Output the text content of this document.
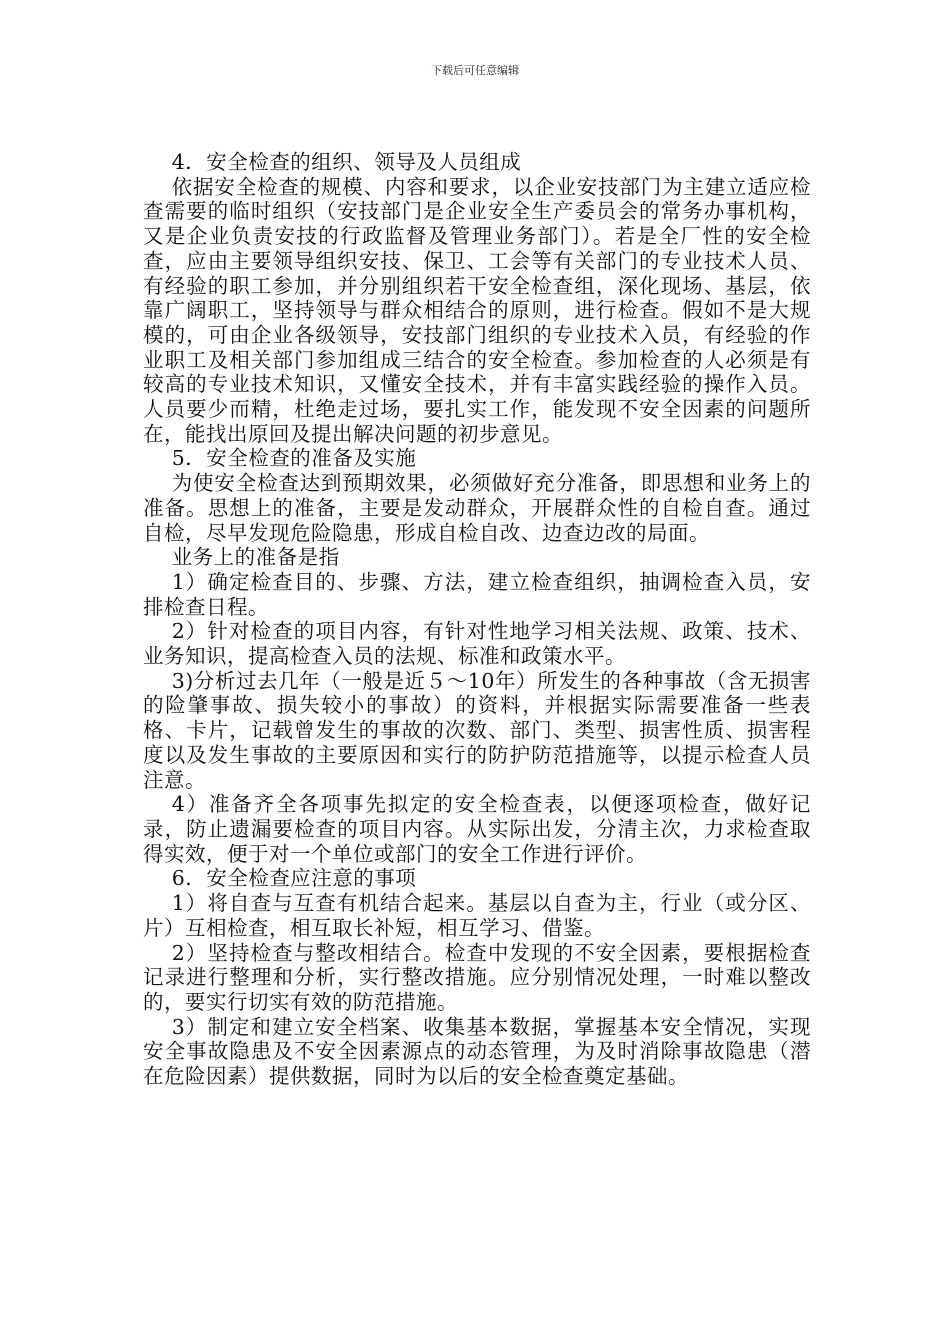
下载后可任意编辑

4．安全检查的组织、领导及人员组成

依据安全检查的规模、内容和要求，以企业安技部门为主建立适应检查需要的临时组织（安技部门是企业安全生产委员会的常务办事机构，又是企业负责安技的行政监督及管理业务部门）。若是全厂性的安全检查，应由主要领导组织安技、保卫、工会等有关部门的专业技术人员、有经验的职工参加，并分别组织若干安全检查组，深化现场、基层，依靠广阔职工，坚持领导与群众相结合的原则，进行检查。假如不是大规模的，可由企业各级领导，安技部门组织的专业技术入员，有经验的作业职工及相关部门参加组成三结合的安全检查。参加检查的人必须是有较高的专业技术知识，又懂安全技术，并有丰富实践经验的操作入员。人员要少而精，杜绝走过场，要扎实工作，能发现不安全因素的问题所在，能找出原回及提出解决问题的初步意见。

5．安全检查的准备及实施

为使安全检查达到预期效果，必须做好充分准备，即思想和业务上的准备。思想上的准备，主要是发动群众，开展群众性的自检自查。通过自检，尽早发现危险隐患，形成自检自改、边查边改的局面。

业务上的准备是指

1）确定检查目的、步骤、方法，建立检查组织，抽调检查入员，安排检查日程。

2）针对检查的项目内容，有针对性地学习相关法规、政策、技术、业务知识，提高检查入员的法规、标准和政策水平。

3)分析过去几年（一般是近５～10年）所发生的各种事故（含无损害的险肇事故、损失较小的事故）的资料，并根据实际需要准备一些表格、卡片，记载曾发生的事故的次数、部门、类型、损害性质、损害程度以及发生事故的主要原因和实行的防护防范措施等，以提示检查人员注意。

4）准备齐全各项事先拟定的安全检查表，以便逐项检查，做好记录，防止遗漏要检查的项目内容。从实际出发，分清主次，力求检查取得实效，便于对一个单位或部门的安全工作进行评价。

6．安全检查应注意的事项

1）将自查与互查有机结合起来。基层以自查为主，行业（或分区、片）互相检查，相互取长补短，相互学习、借鉴。

2）坚持检查与整改相结合。检查中发现的不安全因素，要根据检查记录进行整理和分析，实行整改措施。应分别情况处理，一时难以整改的，要实行切实有效的防范措施。

3）制定和建立安全档案、收集基本数据，掌握基本安全情况，实现安全事故隐患及不安全因素源点的动态管理，为及时消除事故隐患（潜在危险因素）提供数据，同时为以后的安全检查奠定基础。
